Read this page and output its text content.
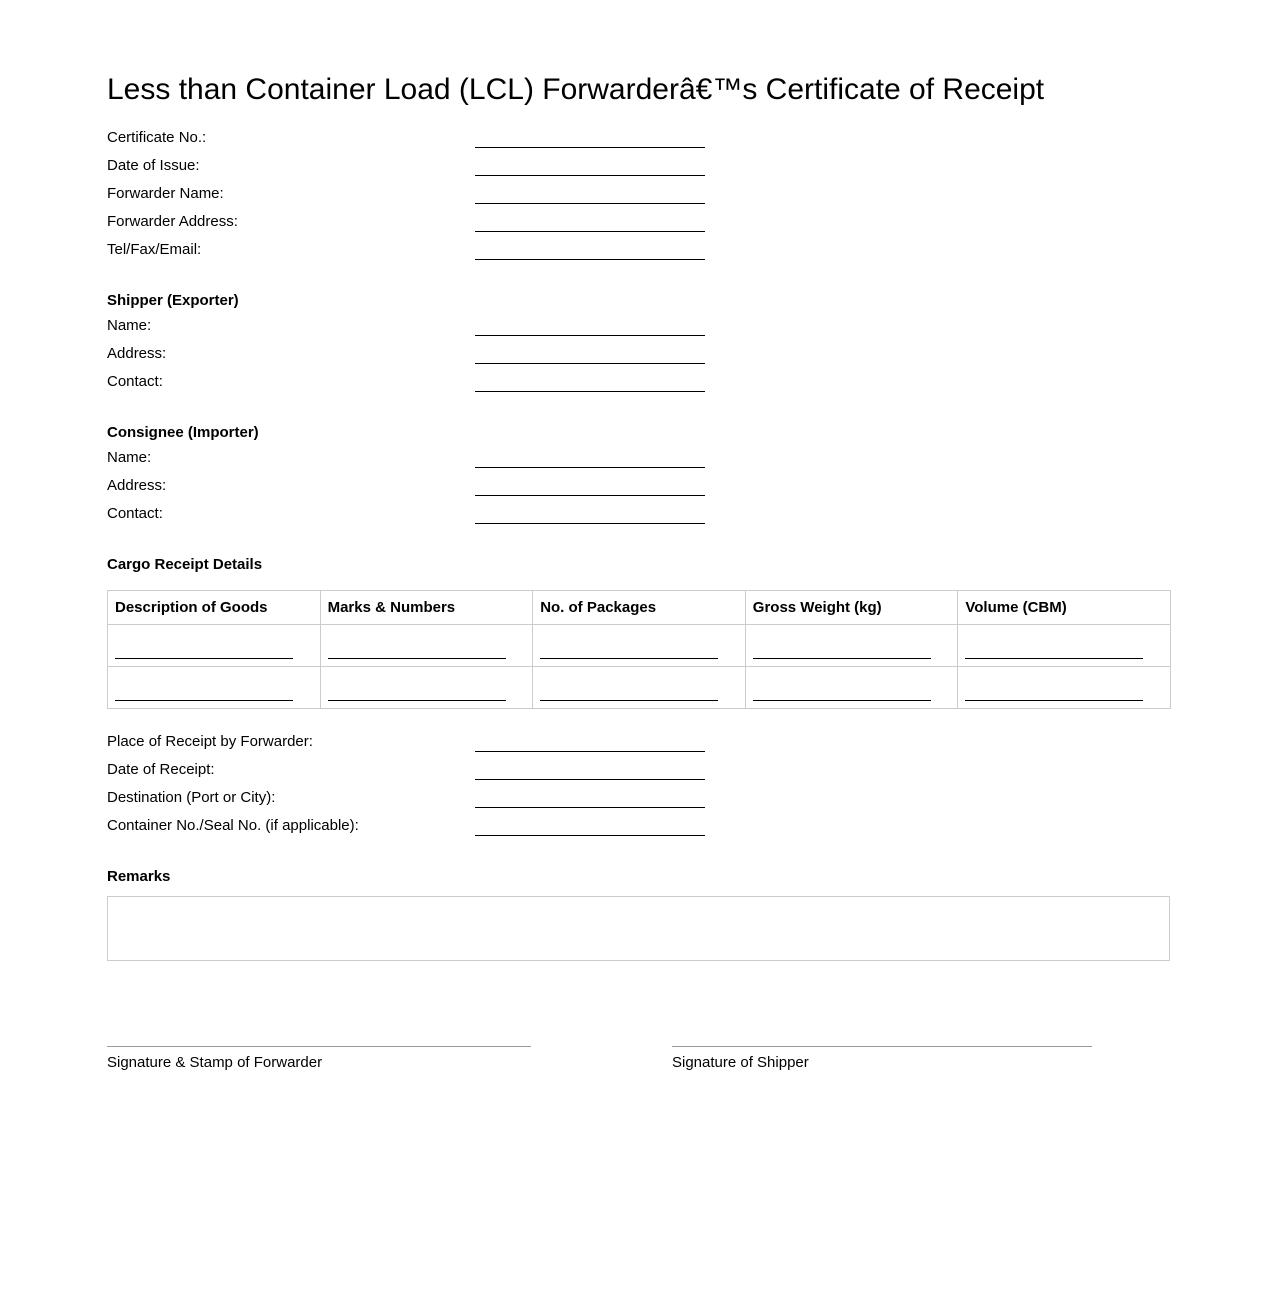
Less than Container Load (LCL) Forwarderâ€™s Certificate of Receipt
Certificate No.:
Date of Issue:
Forwarder Name:
Forwarder Address:
Tel/Fax/Email:
Shipper (Exporter)
Name:
Address:
Contact:
Consignee (Importer)
Name:
Address:
Contact:
Cargo Receipt Details
Description of Goods	Marks & Numbers	No. of Packages	Gross Weight (kg)	Volume (CBM)

Place of Receipt by Forwarder:
Date of Receipt:
Destination (Port or City):
Container No./Seal No. (if applicable):
Remarks
Signature & Stamp of Forwarder	Signature of Shipper
